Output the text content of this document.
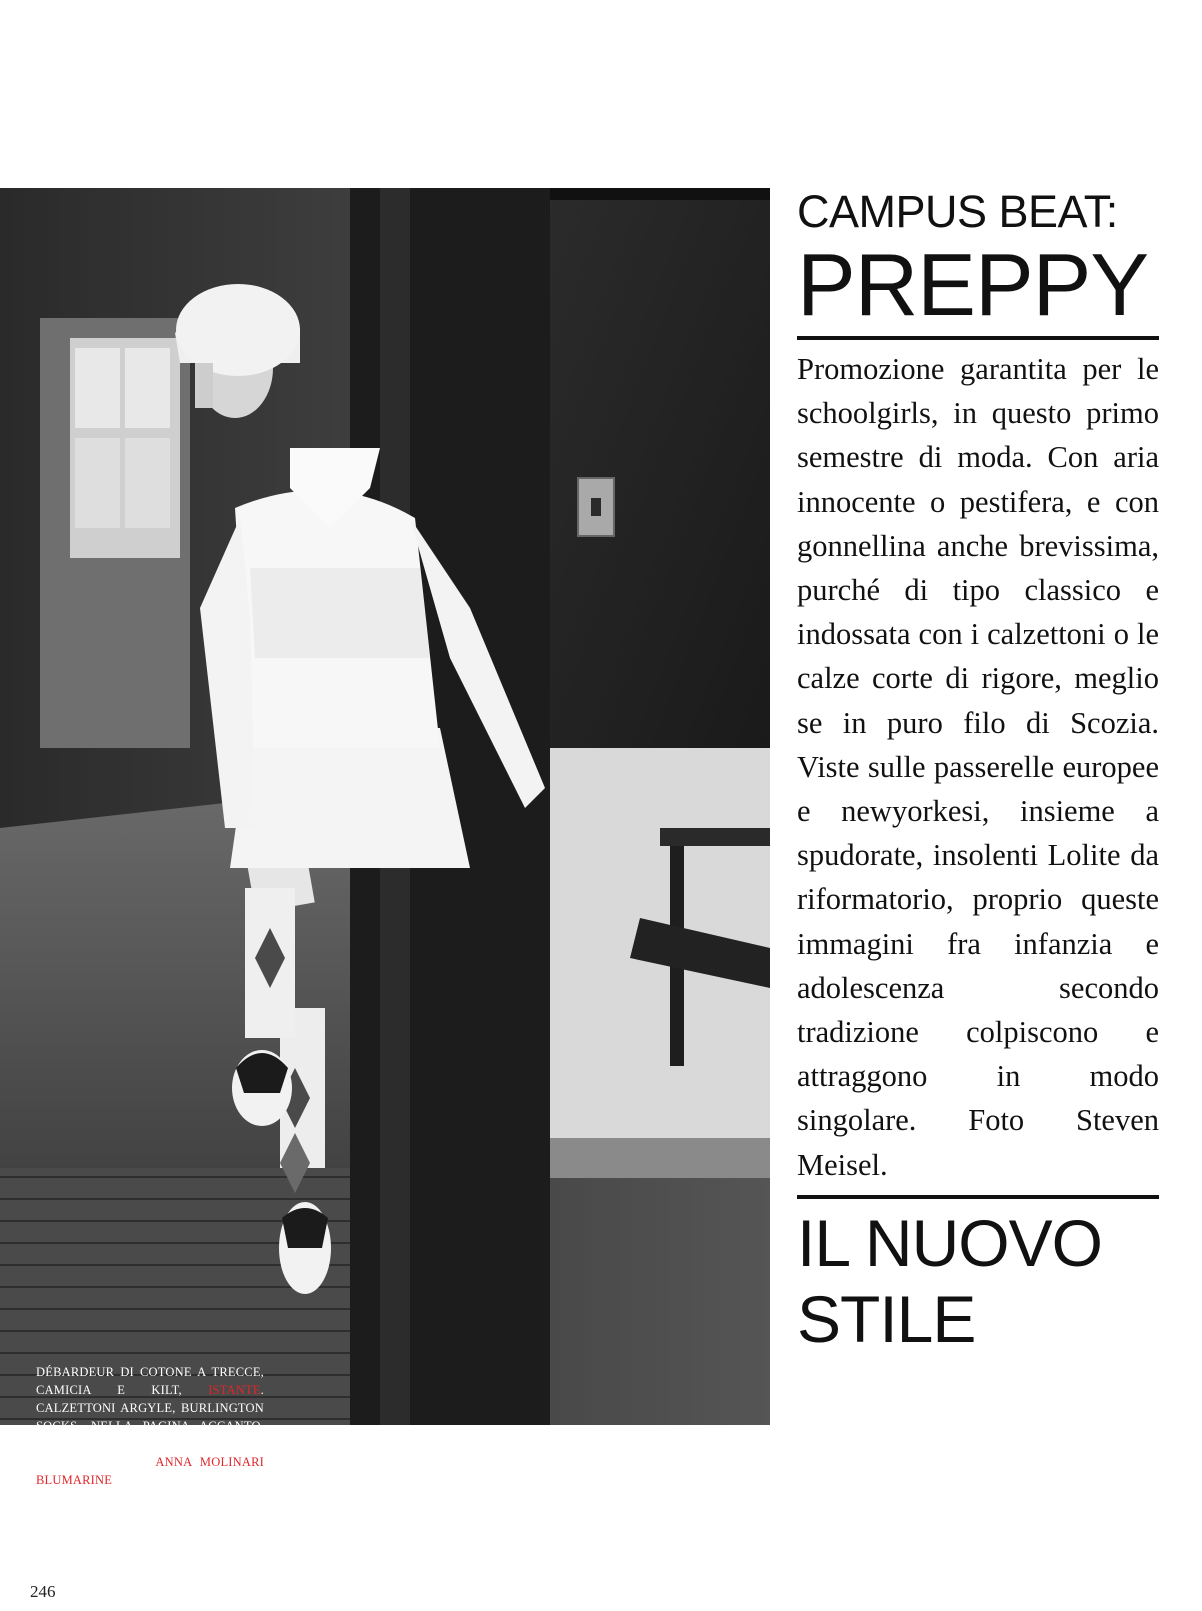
DÉBARDEUR DI COTONE A TRECCE, CAMICIA E KILT, ISTANTE. CALZETTONI ARGYLE, BURLINGTON SOCKS. NELLA PAGINA ACCANTO, GOLFINI DI CASHMERE E GONNE DI VOILE A PIEGHE, ANNA MOLINARI BLUMARINE. BERRETTI PATRICIA UNDERWOOD; COLLANT AVANT-GARDE; SCARPE BICOLORI, BASS. FASHION EDITOR JOE MC KENNA.
CAMPUS BEAT:
PREPPY
Promozione garantita per le schoolgirls, in questo primo semestre di moda. Con aria innocente o pestifera, e con gonnellina anche brevissima, purché di tipo classico e indossata con i calzettoni o le calze corte di rigore, meglio se in puro filo di Scozia. Viste sulle passerelle europee e newyorkesi, insieme a spudorate, insolenti Lolite da riformatorio, proprio queste immagini fra infanzia e adolescenza secondo tradizione colpiscono e attraggono in modo singolare. Foto Steven Meisel.
IL NUOVO
STILE
246
